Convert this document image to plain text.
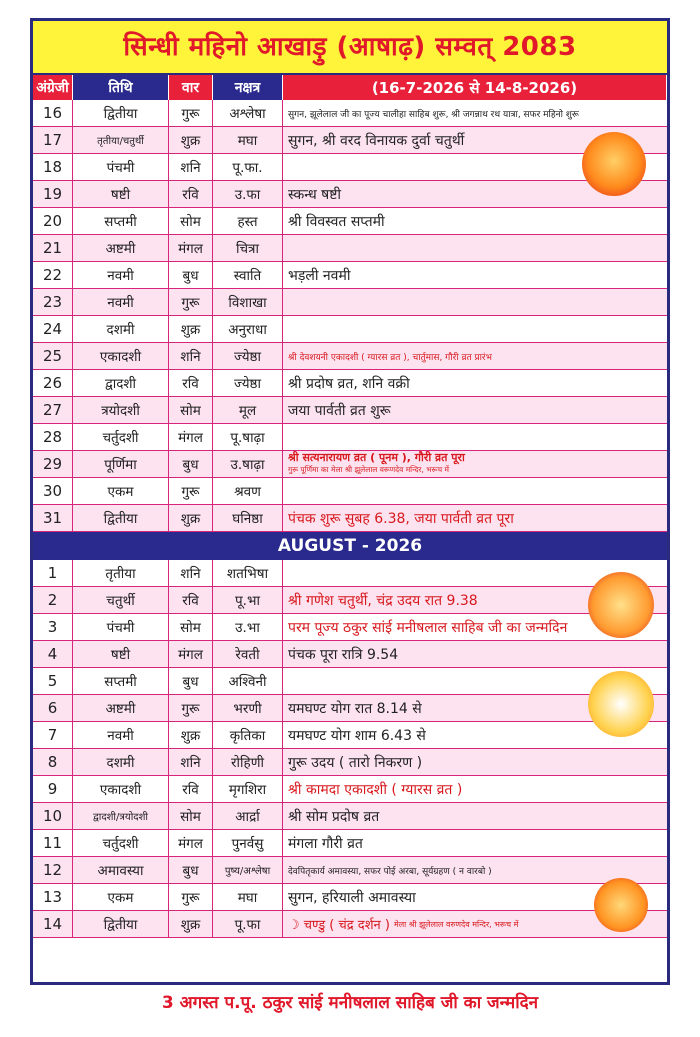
सिन्धी महिनो आखाड़ु (आषाढ़) सम्वत् 2083
अंग्रेजी	तिथि	वार	नक्षत्र	(16-7-2026 से 14-8-2026)
16	द्वितीया	गुरू	अश्लेषा	सुगन, झूलेलाल जी का पूज्य चालीहा साहिब शुरू, श्री जगन्नाथ रथ यात्रा, सफर महिनो शुरू
17	तृतीया/चतुर्थी	शुक्र	मघा	सुगन, श्री वरद विनायक दुर्वा चतुर्थी
18	पंचमी	शनि	पू.फा.
19	षष्टी	रवि	उ.फा	स्कन्ध षष्टी
20	सप्तमी	सोम	हस्त	श्री विवस्वत सप्तमी
21	अष्टमी	मंगल	चित्रा
22	नवमी	बुध	स्वाति	भड़ली नवमी
23	नवमी	गुरू	विशाखा
24	दशमी	शुक्र	अनुराधा
25	एकादशी	शनि	ज्येष्ठा	श्री देवशयनी एकादशी ( ग्यारस व्रत ), चार्तुमास, गौरी व्रत प्रारंभ
26	द्वादशी	रवि	ज्येष्ठा	श्री प्रदोष व्रत, शनि वक्री
27	त्रयोदशी	सोम	मूल	जया पार्वती व्रत शुरू
28	चर्तुदशी	मंगल	पू.षाढ़ा
29	पूर्णिमा	बुध	उ.षाढ़ा	श्री सत्यनारायण व्रत ( पूनम ), गौरी व्रत पूरा
गुरू पूर्णिमा का मेला श्री झूलेलाल वरूणदेव मन्दिर, भरूच में
30	एकम	गुरू	श्रवण
31	द्वितीया	शुक्र	घनिष्ठा	पंचक शुरू सुबह 6.38, जया पार्वती व्रत पूरा
AUGUST - 2026
1	तृतीया	शनि	शतभिषा
2	चतुर्थी	रवि	पू.भा	श्री गणेश चतुर्थी, चंद्र उदय रात 9.38
3	पंचमी	सोम	उ.भा	परम पूज्य ठकुर सांई मनीषलाल साहिब जी का जन्मदिन
4	षष्टी	मंगल	रेवती	पंचक पूरा रात्रि 9.54
5	सप्तमी	बुध	अश्विनी
6	अष्टमी	गुरू	भरणी	यमघण्ट योग रात 8.14 से
7	नवमी	शुक्र	कृतिका	यमघण्ट योग शाम 6.43 से
8	दशमी	शनि	रोहिणी	गुरू उदय ( तारो निकरण )
9	एकादशी	रवि	मृगशिरा	श्री कामदा एकादशी ( ग्यारस व्रत )
10	द्वादशी/त्रयोदशी	सोम	आर्द्रा	श्री सोम प्रदोष व्रत
11	चर्तुदशी	मंगल	पुनर्वसु	मंगला गौरी व्रत
12	अमावस्या	बुध	पुष्य/अश्लेषा	देवपितृकार्य अमावस्या, सफर पोई अरबा, सूर्यग्रहण ( न वारबो )
13	एकम	गुरू	मघा	सुगन, हरियाली अमावस्या
14	द्वितीया	शुक्र	पू.फा	☽ चण्डु ( चंद्र दर्शन ) मेला श्री झूलेलाल वरुणदेव मन्दिर, भरूच में
3 अगस्त प.पू. ठकुर सांई मनीषलाल साहिब जी का जन्मदिन
